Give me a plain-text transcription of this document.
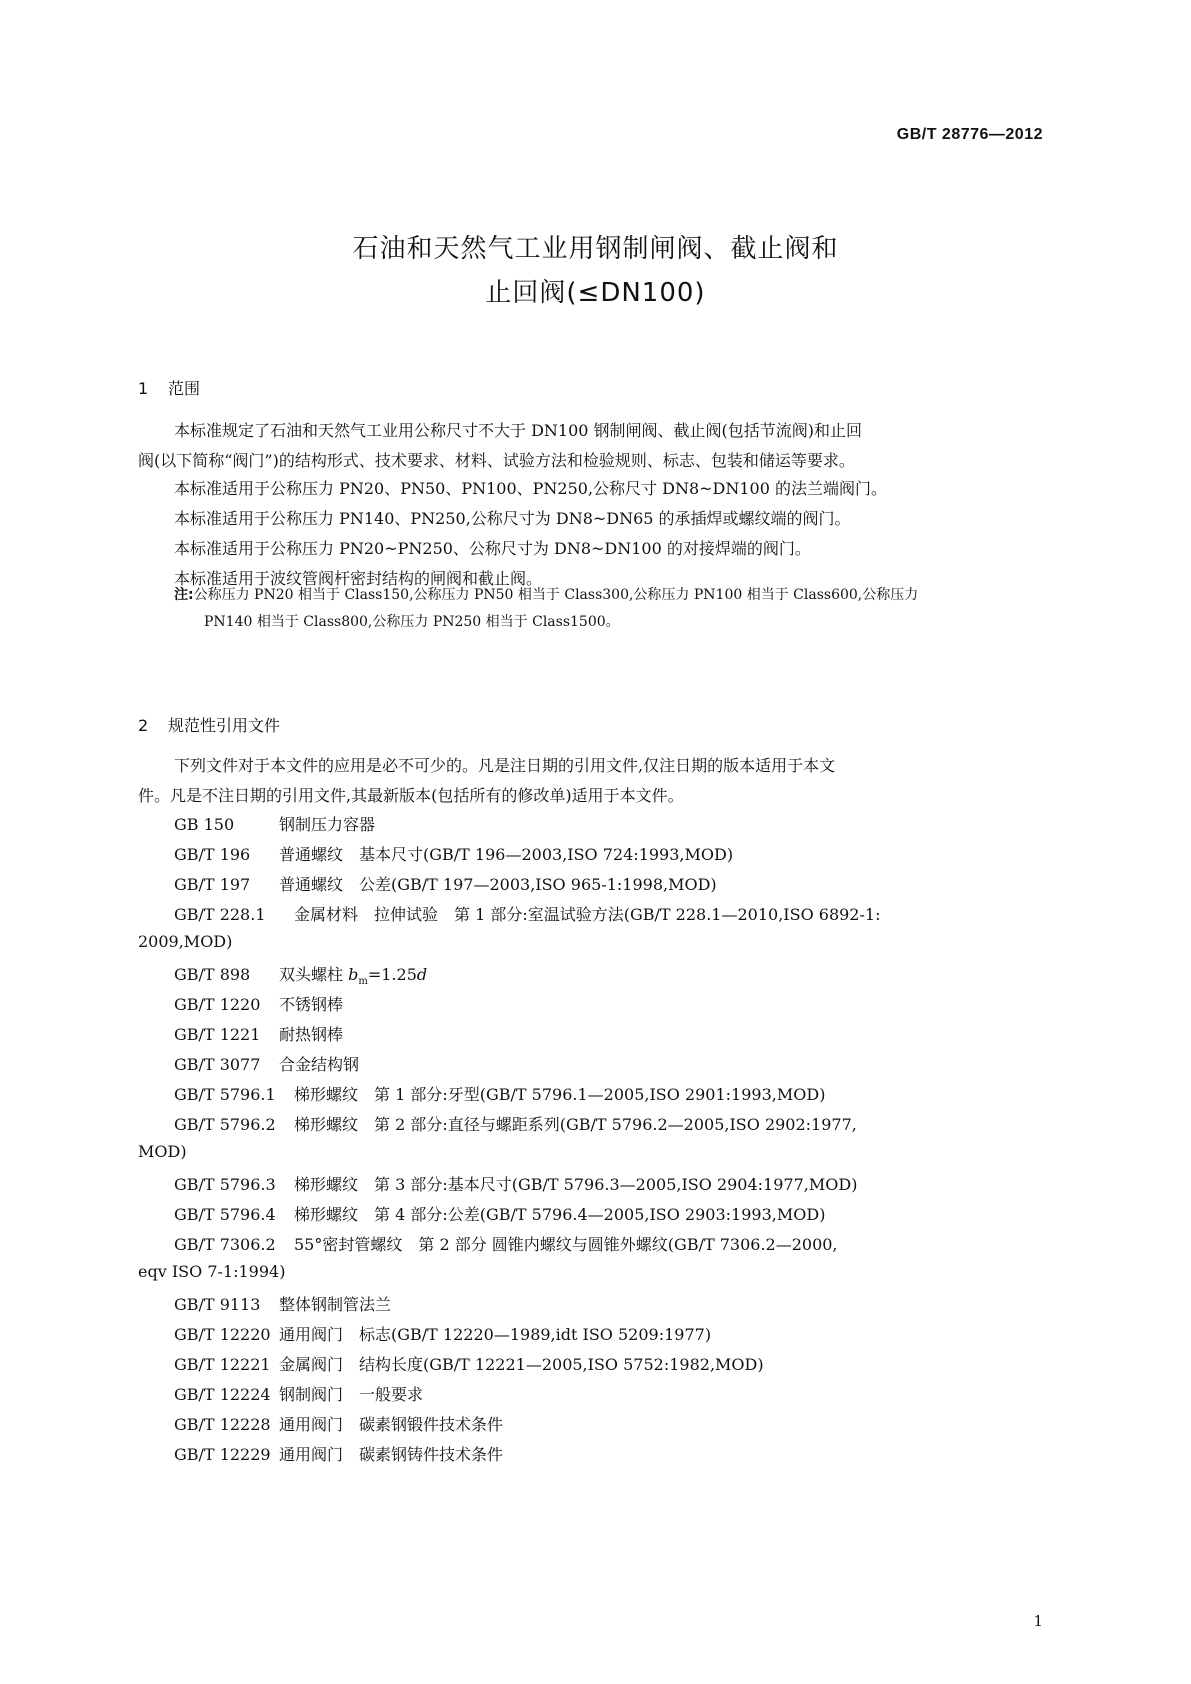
GB/T 28776—2012
石油和天然气工业用钢制闸阀、截止阀和
止回阀(≤DN100)
1 范围
本标准规定了石油和天然气工业用公称尺寸不大于 DN100 钢制闸阀、截止阀(包括节流阀)和止回
阀(以下简称“阀门”)的结构形式、技术要求、材料、试验方法和检验规则、标志、包装和储运等要求。
本标准适用于公称压力 PN20、PN50、PN100、PN250,公称尺寸 DN8~DN100 的法兰端阀门。
本标准适用于公称压力 PN140、PN250,公称尺寸为 DN8~DN65 的承插焊或螺纹端的阀门。
本标准适用于公称压力 PN20~PN250、公称尺寸为 DN8~DN100 的对接焊端的阀门。
本标准适用于波纹管阀杆密封结构的闸阀和截止阀。
注:公称压力 PN20 相当于 Class150,公称压力 PN50 相当于 Class300,公称压力 PN100 相当于 Class600,公称压力
PN140 相当于 Class800,公称压力 PN250 相当于 Class1500。
2 规范性引用文件
下列文件对于本文件的应用是必不可少的。凡是注日期的引用文件,仅注日期的版本适用于本文
件。凡是不注日期的引用文件,其最新版本(包括所有的修改单)适用于本文件。
GB 150	钢制压力容器
GB/T 196 普通螺纹　基本尺寸(GB/T 196—2003,ISO 724:1993,MOD)
GB/T 197 普通螺纹　公差(GB/T 197—2003,ISO 965-1:1998,MOD)
GB/T 228.1 金属材料　拉伸试验　第 1 部分:室温试验方法(GB/T 228.1—2010,ISO 6892-1:
2009,MOD)
GB/T 898 双头螺柱 $b_m=1.25d$
GB/T 1220 不锈钢棒
GB/T 1221 耐热钢棒
GB/T 3077 合金结构钢
GB/T 5796.1 梯形螺纹　第 1 部分:牙型(GB/T 5796.1—2005,ISO 2901:1993,MOD)
GB/T 5796.2 梯形螺纹　第 2 部分:直径与螺距系列(GB/T 5796.2—2005,ISO 2902:1977,
MOD)
GB/T 5796.3 梯形螺纹　第 3 部分:基本尺寸(GB/T 5796.3—2005,ISO 2904:1977,MOD)
GB/T 5796.4 梯形螺纹　第 4 部分:公差(GB/T 5796.4—2005,ISO 2903:1993,MOD)
GB/T 7306.2 55°密封管螺纹　第 2 部分 圆锥内螺纹与圆锥外螺纹(GB/T 7306.2—2000,
eqv ISO 7-1:1994)
GB/T 9113 整体钢制管法兰
GB/T 12220 通用阀门　标志(GB/T 12220—1989,idt ISO 5209:1977)
GB/T 12221 金属阀门　结构长度(GB/T 12221—2005,ISO 5752:1982,MOD)
GB/T 12224 钢制阀门　一般要求
GB/T 12228 通用阀门　碳素钢锻件技术条件
GB/T 12229 通用阀门　碳素钢铸件技术条件
1
